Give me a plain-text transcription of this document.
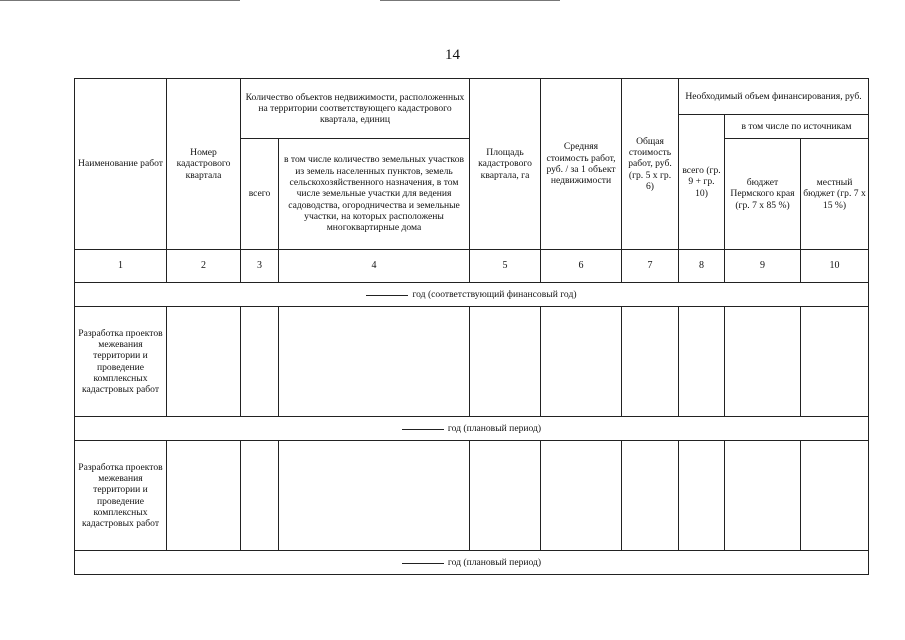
14
Наименование работ	Номер кадастрового квартала	Количество объектов недвижимости, расположенных на территории соответствующего кадастрового квартала, единиц		Площадь кадастрового квартала, га	Средняя стоимость работ, руб. / за 1 объект недвижимости	Общая стоимость работ, руб. (гр. 5 х гр. 6)	Необходимый объем финансирования, руб.		
							всего (гр. 9 + гр. 10)	в том числе по источникам	
		всего	в том числе количество земельных участков из земель населенных пунктов, земель сельскохозяйственного назначения, в том числе земельные участки для ведения садоводства, огородничества и земельные участки, на которых расположены многоквартирные дома					бюджет Пермского края (гр. 7 х 85 %)	местный бюджет (гр. 7 х 15 %)
1	2	3	4	5	6	7	8	9	10
год (соответствующий финансовый год)									
Разработка проектов межевания территории и проведение комплексных кадастровых работ									
год (плановый период)									
Разработка проектов межевания территории и проведение комплексных кадастровых работ									
год (плановый период)									
